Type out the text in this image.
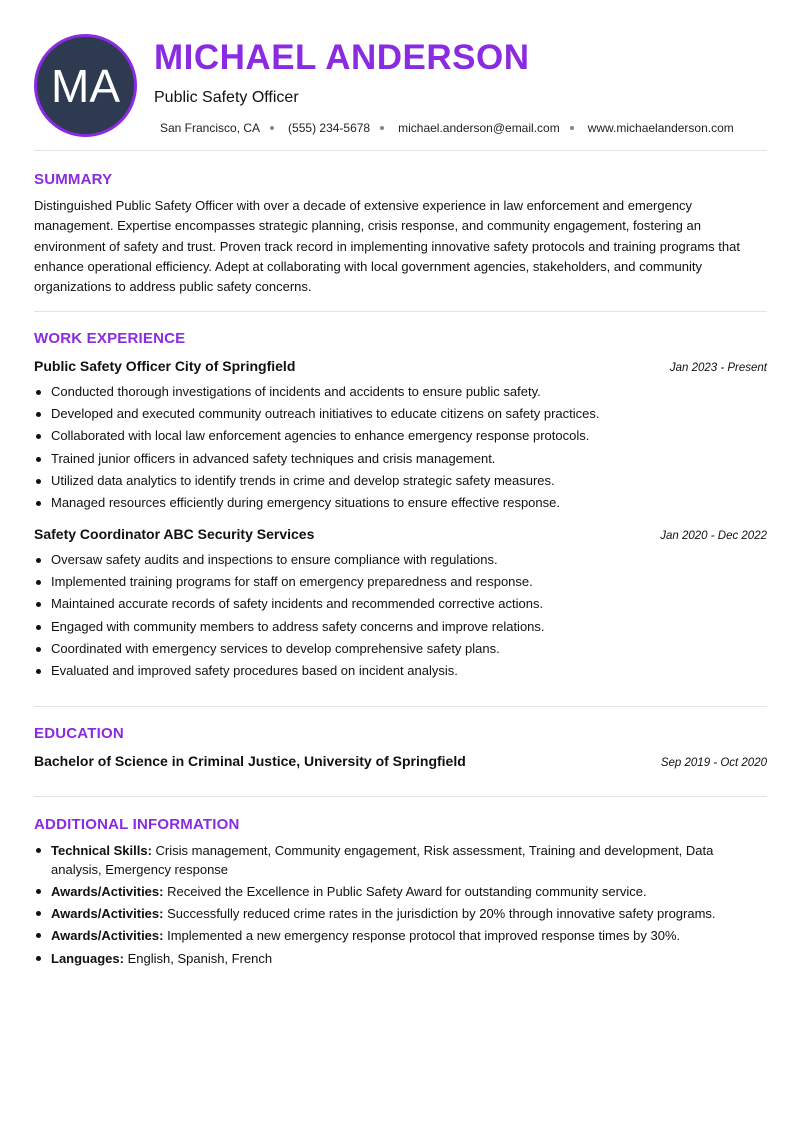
MA
MICHAEL ANDERSON
Public Safety Officer
San Francisco, CA (555) 234-5678 michael.anderson@email.com www.michaelanderson.com
SUMMARY
Distinguished Public Safety Officer with over a decade of extensive experience in law enforcement and emergency management. Expertise encompasses strategic planning, crisis response, and community engagement, fostering an environment of safety and trust. Proven track record in implementing innovative safety protocols and training programs that enhance operational efficiency. Adept at collaborating with local government agencies, stakeholders, and community organizations to address public safety concerns.
WORK EXPERIENCE
Public Safety Officer City of Springfield	Jan 2023 - Present
Conducted thorough investigations of incidents and accidents to ensure public safety.
Developed and executed community outreach initiatives to educate citizens on safety practices.
Collaborated with local law enforcement agencies to enhance emergency response protocols.
Trained junior officers in advanced safety techniques and crisis management.
Utilized data analytics to identify trends in crime and develop strategic safety measures.
Managed resources efficiently during emergency situations to ensure effective response.
Safety Coordinator ABC Security Services	Jan 2020 - Dec 2022
Oversaw safety audits and inspections to ensure compliance with regulations.
Implemented training programs for staff on emergency preparedness and response.
Maintained accurate records of safety incidents and recommended corrective actions.
Engaged with community members to address safety concerns and improve relations.
Coordinated with emergency services to develop comprehensive safety plans.
Evaluated and improved safety procedures based on incident analysis.
EDUCATION
Bachelor of Science in Criminal Justice, University of Springfield	Sep 2019 - Oct 2020
ADDITIONAL INFORMATION
Technical Skills: Crisis management, Community engagement, Risk assessment, Training and development, Data analysis, Emergency response
Awards/Activities: Received the Excellence in Public Safety Award for outstanding community service.
Awards/Activities: Successfully reduced crime rates in the jurisdiction by 20% through innovative safety programs.
Awards/Activities: Implemented a new emergency response protocol that improved response times by 30%.
Languages: English, Spanish, French
